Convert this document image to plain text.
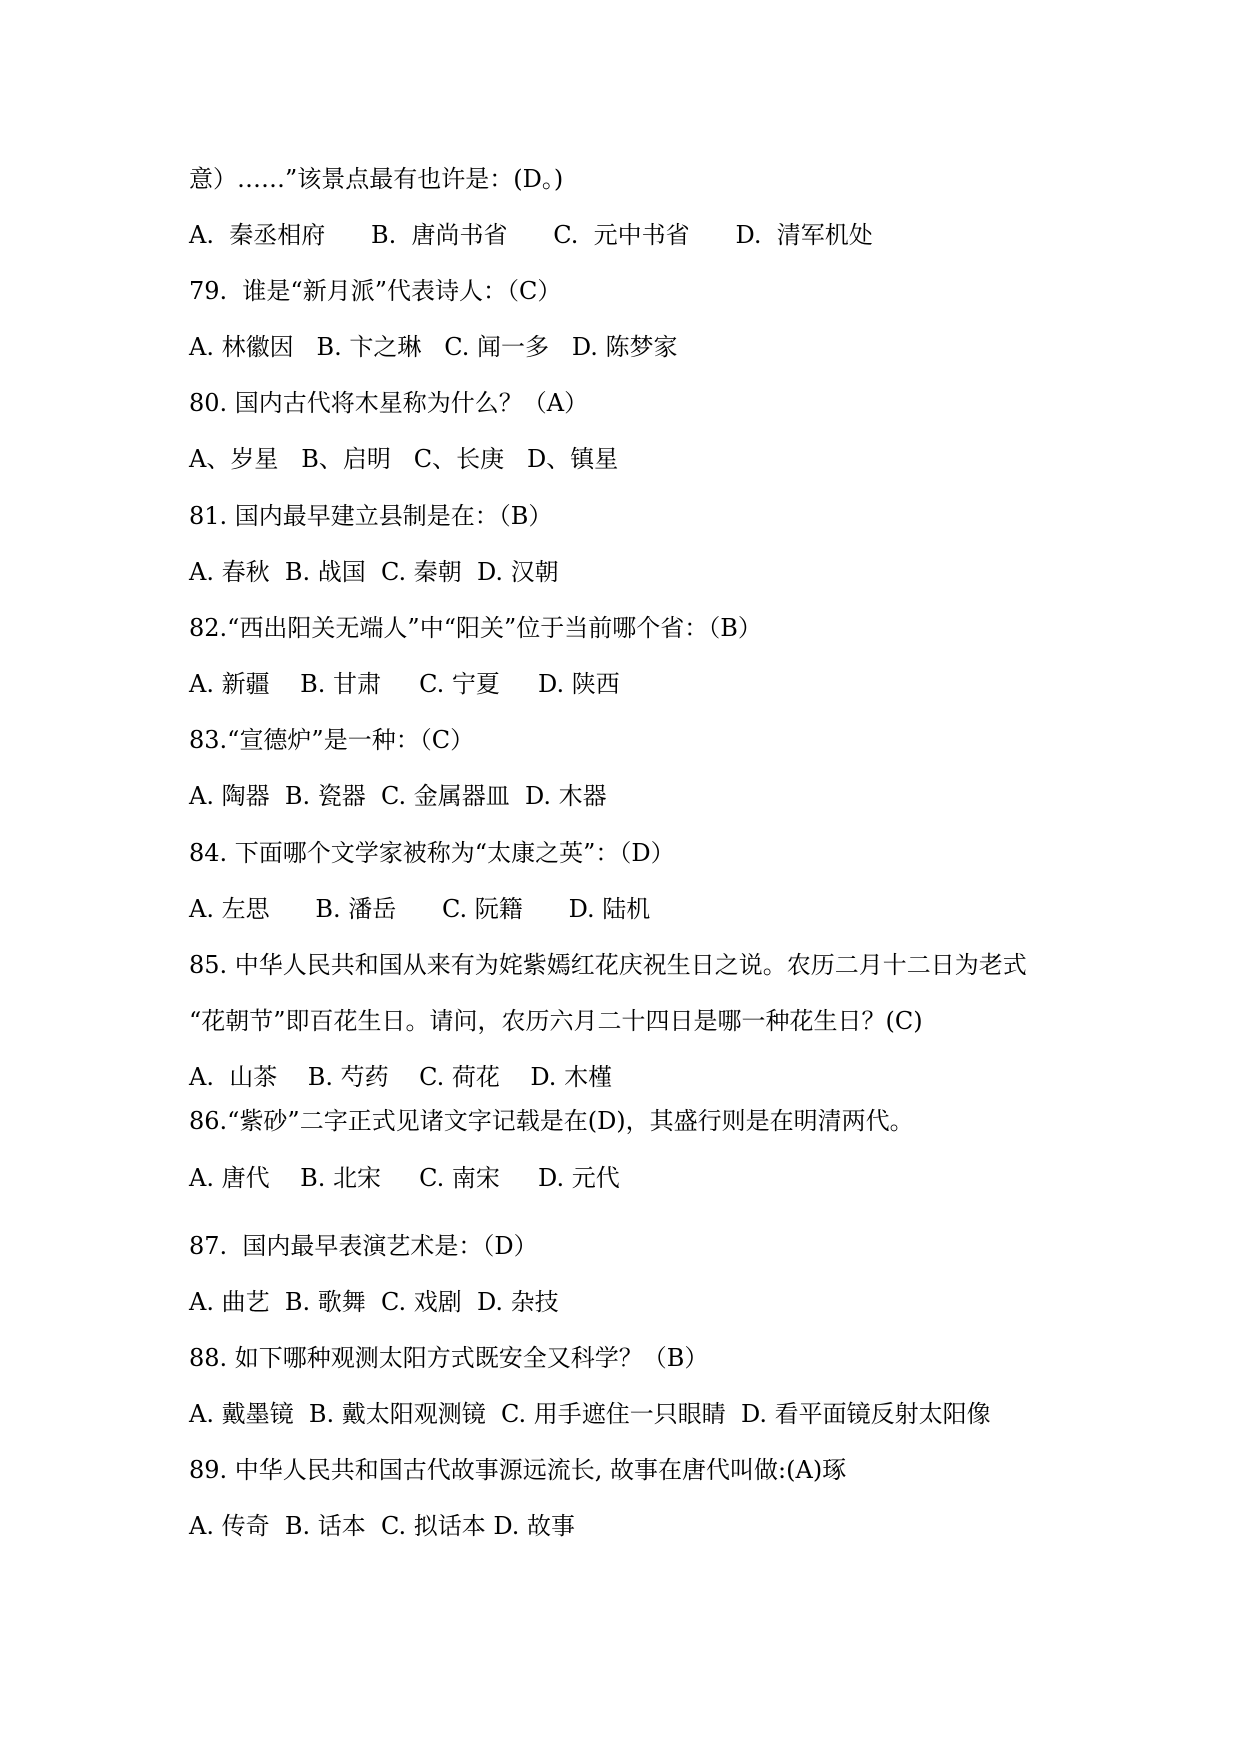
意）……”该景点最有也许是：(D。)
A.  秦丞相府      B.  唐尚书省      C.  元中书省      D.  清军机处
79.  谁是“新月派”代表诗人：（C）
A. 林徽因   B. 卞之琳   C. 闻一多   D. 陈梦家
80. 国内古代将木星称为什么？（A）
A、岁星   B、启明   C、长庚   D、镇星
81. 国内最早建立县制是在：（B）
A. 春秋  B. 战国  C. 秦朝  D. 汉朝
82.“西出阳关无端人”中“阳关”位于当前哪个省：（B）
A. 新疆    B. 甘肃     C. 宁夏     D. 陕西
83.“宣德炉”是一种：（C）
A. 陶器  B. 瓷器  C. 金属器皿  D. 木器
84. 下面哪个文学家被称为“太康之英”：（D）
A. 左思      B. 潘岳      C. 阮籍      D. 陆机
85. 中华人民共和国从来有为姹紫嫣红花庆祝生日之说。农历二月十二日为老式
“花朝节”即百花生日。请问，农历六月二十四日是哪一种花生日？(C)
A.  山茶    B. 芍药    C. 荷花    D. 木槿
86.“紫砂”二字正式见诸文字记载是在(D)，其盛行则是在明清两代。
A. 唐代    B. 北宋     C. 南宋     D. 元代
87.  国内最早表演艺术是：（D）
A. 曲艺  B. 歌舞  C. 戏剧  D. 杂技
88. 如下哪种观测太阳方式既安全又科学？（B）
A. 戴墨镜  B. 戴太阳观测镜  C. 用手遮住一只眼睛  D. 看平面镜反射太阳像
89. 中华人民共和国古代故事源远流长, 故事在唐代叫做:(A)琢
A. 传奇  B. 话本  C. 拟话本 D. 故事
